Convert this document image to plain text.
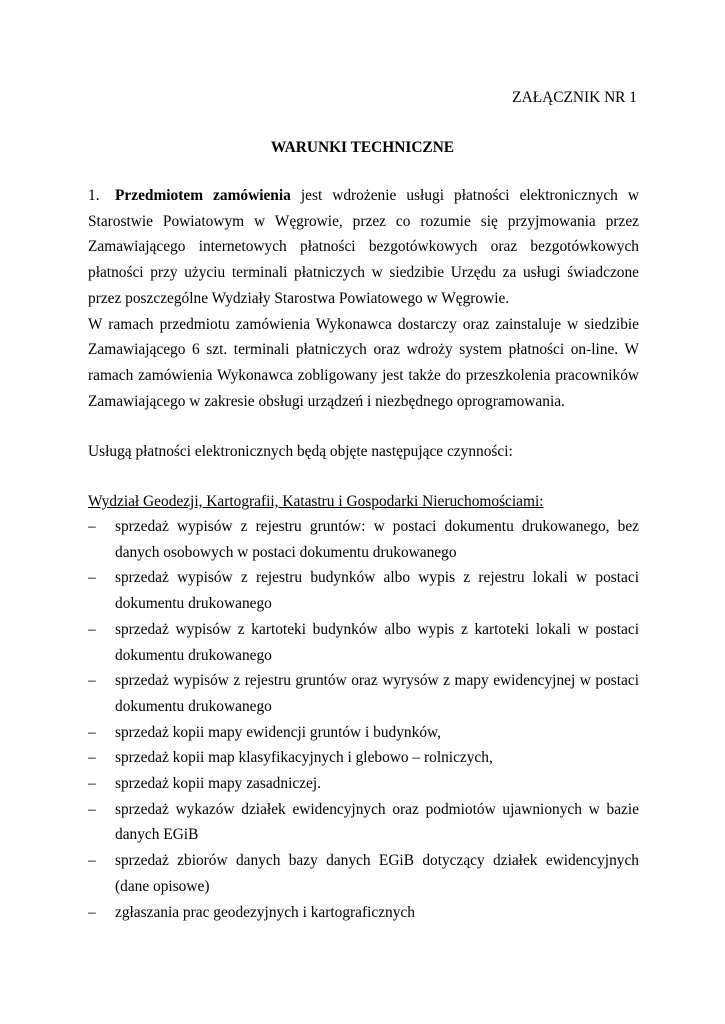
ZAŁĄCZNIK NR 1

WARUNKI TECHNICZNE

1. Przedmiotem zamówienia jest wdrożenie usługi płatności elektronicznych w Starostwie Powiatowym w Węgrowie, przez co rozumie się przyjmowania przez Zamawiającego internetowych płatności bezgotówkowych oraz bezgotówkowych płatności przy użyciu terminali płatniczych w siedzibie Urzędu za usługi świadczone przez poszczególne Wydziały Starostwa Powiatowego w Węgrowie.

W ramach przedmiotu zamówienia Wykonawca dostarczy oraz zainstaluje w siedzibie Zamawiającego 6 szt. terminali płatniczych oraz wdroży system płatności on-line. W ramach zamówienia Wykonawca zobligowany jest także do przeszkolenia pracowników Zamawiającego w zakresie obsługi urządzeń i niezbędnego oprogramowania.

Usługą płatności elektronicznych będą objęte następujące czynności:

Wydział Geodezji, Kartografii, Katastru i Gospodarki Nieruchomościami:

– sprzedaż wypisów z rejestru gruntów: w postaci dokumentu drukowanego, bez danych osobowych w postaci dokumentu drukowanego
– sprzedaż wypisów z rejestru budynków albo wypis z rejestru lokali w postaci dokumentu drukowanego
– sprzedaż wypisów z kartoteki budynków albo wypis z kartoteki lokali w postaci dokumentu drukowanego
– sprzedaż wypisów z rejestru gruntów oraz wyrysów z mapy ewidencyjnej w postaci dokumentu drukowanego
– sprzedaż kopii mapy ewidencji gruntów i budynków,
– sprzedaż kopii map klasyfikacyjnych i glebowo – rolniczych,
– sprzedaż kopii mapy zasadniczej.
– sprzedaż wykazów działek ewidencyjnych oraz podmiotów ujawnionych w bazie danych EGiB
– sprzedaż zbiorów danych bazy danych EGiB dotyczący działek ewidencyjnych (dane opisowe)
– zgłaszania prac geodezyjnych i kartograficznych
